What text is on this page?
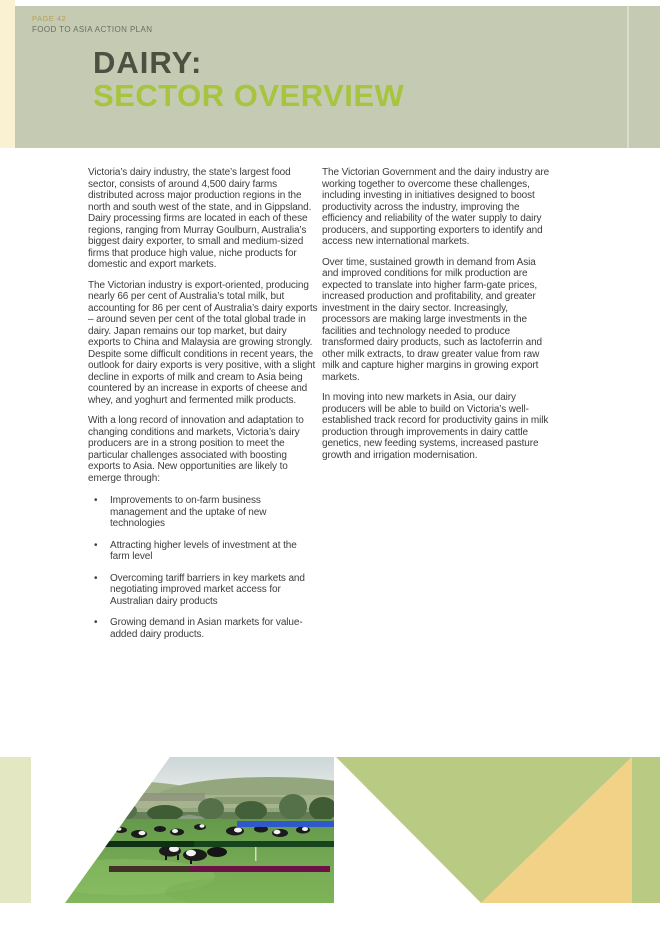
PAGE 42
FOOD TO ASIA ACTION PLAN
DAIRY:
SECTOR OVERVIEW

Victoria’s dairy industry, the state’s largest food sector, consists of around 4,500 dairy farms distributed across major production regions in the north and south west of the state, and in Gippsland. Dairy processing firms are located in each of these regions, ranging from Murray Goulburn, Australia’s biggest dairy exporter, to small and medium-sized firms that produce high value, niche products for domestic and export markets.

The Victorian industry is export-oriented, producing nearly 66 per cent of Australia’s total milk, but accounting for 86 per cent of Australia’s dairy exports – around seven per cent of the total global trade in dairy. Japan remains our top market, but dairy exports to China and Malaysia are growing strongly. Despite some difficult conditions in recent years, the outlook for dairy exports is very positive, with a slight decline in exports of milk and cream to Asia being countered by an increase in exports of cheese and whey, and yoghurt and fermented milk products.

With a long record of innovation and adaptation to changing conditions and markets, Victoria’s dairy producers are in a strong position to meet the particular challenges associated with boosting exports to Asia. New opportunities are likely to emerge through:

• Improvements to on-farm business management and the uptake of new technologies
• Attracting higher levels of investment at the farm level
• Overcoming tariff barriers in key markets and negotiating improved market access for Australian dairy products
• Growing demand in Asian markets for value-added dairy products.

The Victorian Government and the dairy industry are working together to overcome these challenges, including investing in initiatives designed to boost productivity across the industry, improving the efficiency and reliability of the water supply to dairy producers, and supporting exporters to identify and access new international markets.

Over time, sustained growth in demand from Asia and improved conditions for milk production are expected to translate into higher farm-gate prices, increased production and profitability, and greater investment in the dairy sector. Increasingly, processors are making large investments in the facilities and technology needed to produce transformed dairy products, such as lactoferrin and other milk extracts, to draw greater value from raw milk and capture higher margins in growing export markets.

In moving into new markets in Asia, our dairy producers will be able to build on Victoria’s well-established track record for productivity gains in milk production through improvements in dairy cattle genetics, new feeding systems, increased pasture growth and irrigation modernisation.
